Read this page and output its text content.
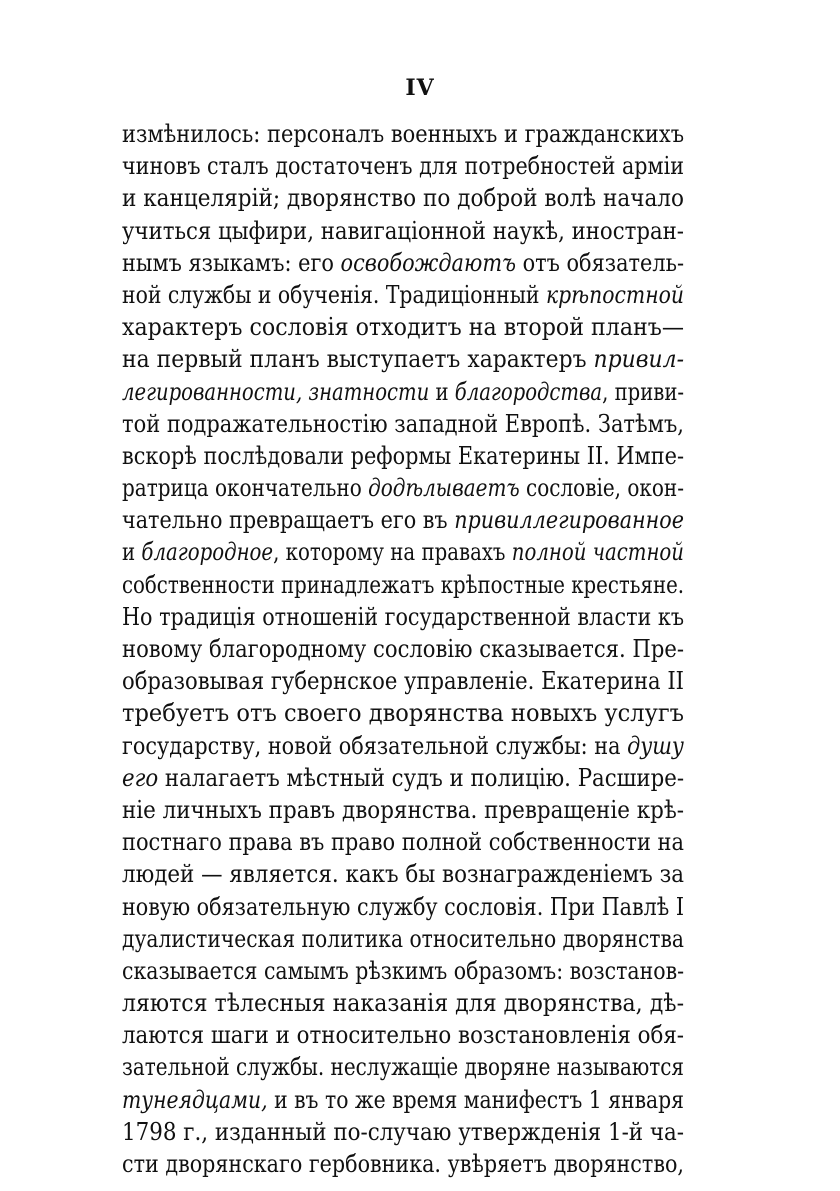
IV
измѣнилось: персоналъ военныхъ и гражданскихъ
чиновъ сталъ достаточенъ для потребностей арміи
и канцелярій; дворянство по доброй волѣ начало
учиться цыфири, навигаціонной наукѣ, иностран-
нымъ языкамъ: его освобождаютъ отъ обязатель-
ной службы и обученія. Традиціонный крѣпостной
характеръ сословія отходитъ на второй планъ—
на первый планъ выступаетъ характеръ привил-
легированности, знатности и благородства, приви-
той подражательностію западной Европѣ. Затѣмъ,
вскорѣ послѣдовали реформы Екатерины II. Импе-
ратрица окончательно додѣлываетъ сословіе, окон-
чательно превращаетъ его въ привиллегированное
и благородное, которому на правахъ полной частной
собственности принадлежатъ крѣпостные крестьяне.
Но традиція отношеній государственной власти къ
новому благородному сословію сказывается. Пре-
образовывая губернское управленіе. Екатерина II
требуетъ отъ своего дворянства новыхъ услугъ
государству, новой обязательной службы: на душу
его налагаетъ мѣстный судъ и полицію. Расшире-
ніе личныхъ правъ дворянства. превращеніе крѣ-
постнаго права въ право полной собственности на
людей — является. какъ бы вознагражденіемъ за
новую обязательную службу сословія. При Павлѣ I
дуалистическая политика относительно дворянства
сказывается самымъ рѣзкимъ образомъ: возстанов-
ляются тѣлесныя наказанія для дворянства, дѣ-
лаются шаги и относительно возстановленія обя-
зательной службы. неслужащіе дворяне называются
тунеядцами, и въ то же время манифестъ 1 января
1798 г., изданный по-случаю утвержденія 1-й ча-
сти дворянскаго гербовника. увѣряетъ дворянство,
